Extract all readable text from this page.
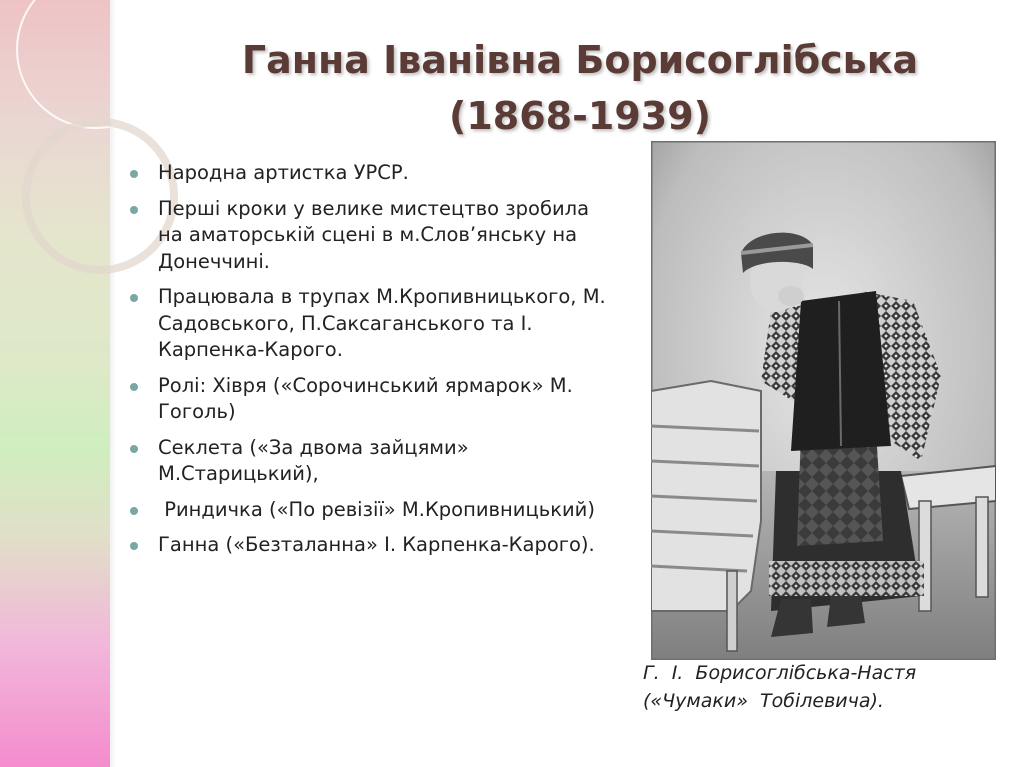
Ганна Іванівна Борисоглібська
(1868-1939)
Народна артистка УРСР.
Перші кроки у велике мистецтво зробила на аматорській сцені в м.Слов’янську на Донеччині.
Працювала в трупах М.Кропивницького, М. Садовського, П.Саксаганського та І. Карпенка-Карого.
Ролі: Хівря («Сорочинський ярмарок» М. Гоголь)
Секлета («За двома зайцями» М.Старицький),
Риндичка («По ревізії» М.Кропивницький)
Ганна («Безталанна» І. Карпенка-Карого).
Г.  І.  Борисоглібська-Настя
(«Чумаки»  Тобілевича).
